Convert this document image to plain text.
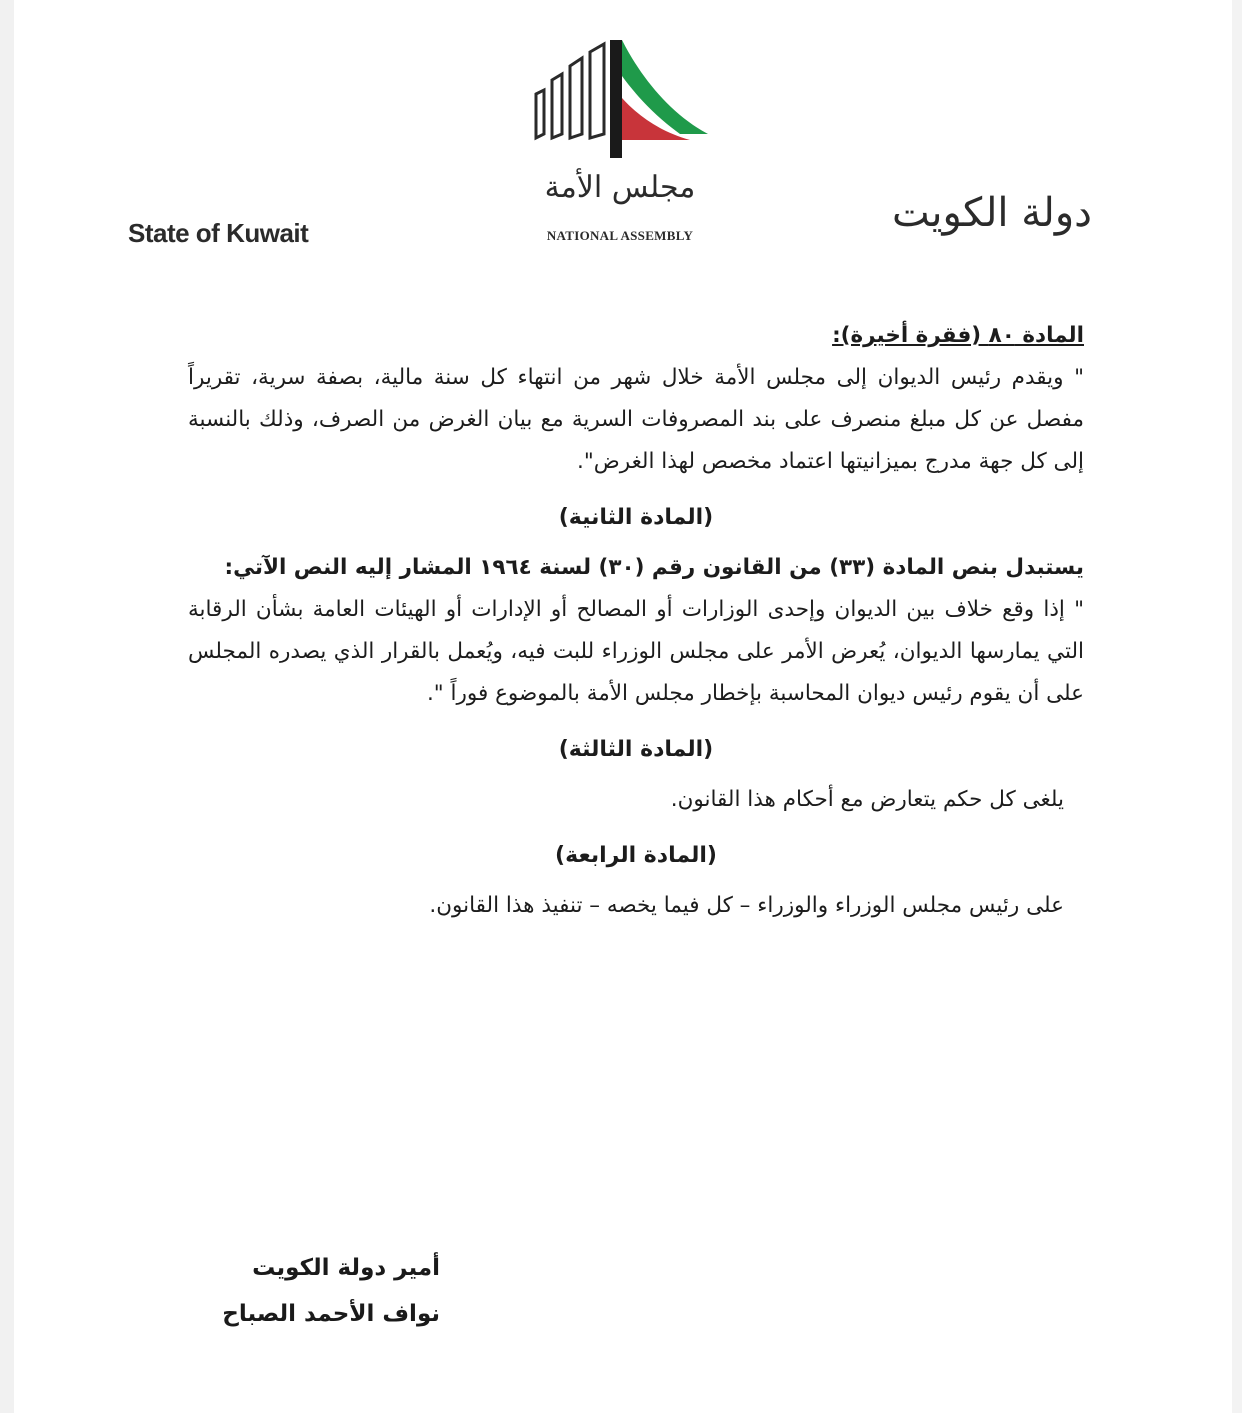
State of Kuwait
مجلس الأمة
NATIONAL ASSEMBLY	دولة الكويت

المادة ٨٠ (فقرة أخيرة):

" ويقدم رئيس الديوان إلى مجلس الأمة خلال شهر من انتهاء كل سنة مالية، بصفة سرية، تقريراً مفصل عن كل مبلغ منصرف على بند المصروفات السرية مع بيان الغرض من الصرف، وذلك بالنسبة إلى كل جهة مدرج بميزانيتها اعتماد مخصص لهذا الغرض".

(المادة الثانية)

يستبدل بنص المادة (٣٣) من القانون رقم (٣٠) لسنة ١٩٦٤ المشار إليه النص الآتي:

" إذا وقع خلاف بين الديوان وإحدى الوزارات أو المصالح أو الإدارات أو الهيئات العامة بشأن الرقابة التي يمارسها الديوان، يُعرض الأمر على مجلس الوزراء للبت فيه، ويُعمل بالقرار الذي يصدره المجلس على أن يقوم رئيس ديوان المحاسبة بإخطار مجلس الأمة بالموضوع فوراً ".

(المادة الثالثة)

يلغى كل حكم يتعارض مع أحكام هذا القانون.

(المادة الرابعة)

على رئيس مجلس الوزراء والوزراء – كل فيما يخصه – تنفيذ هذا القانون.

أمير دولة الكويت
نواف الأحمد الصباح
